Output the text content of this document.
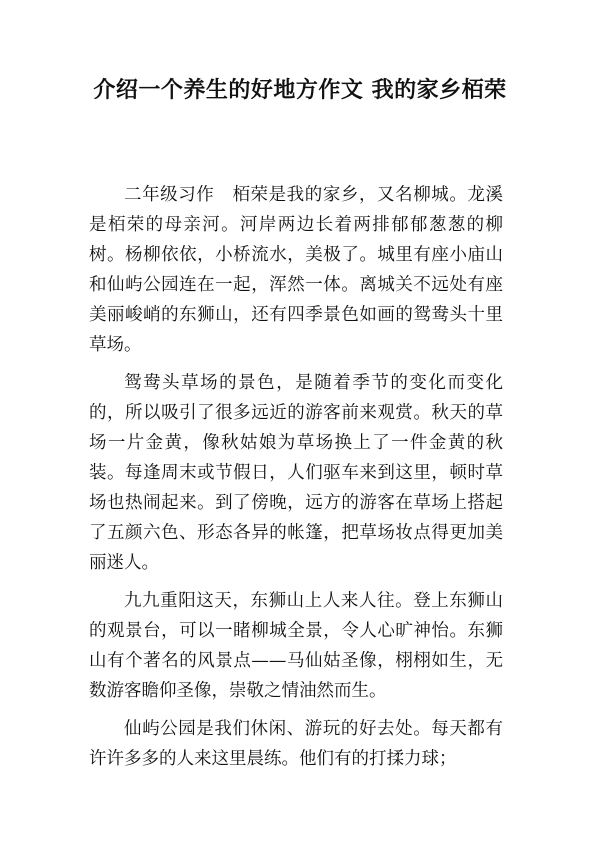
介绍一个养生的好地方作文 我的家乡栢荣

二年级习作　栢荣是我的家乡，又名柳城。龙溪是栢荣的母亲河。河岸两边长着两排郁郁葱葱的柳树。杨柳依依，小桥流水，美极了。城里有座小庙山和仙屿公园连在一起，浑然一体。离城关不远处有座美丽峻峭的东狮山，还有四季景色如画的鸳鸯头十里草场。

鸳鸯头草场的景色，是随着季节的变化而变化的，所以吸引了很多远近的游客前来观赏。秋天的草场一片金黄，像秋姑娘为草场换上了一件金黄的秋装。每逢周末或节假日，人们驱车来到这里，顿时草场也热闹起来。到了傍晚，远方的游客在草场上搭起了五颜六色、形态各异的帐篷，把草场妆点得更加美丽迷人。

九九重阳这天，东狮山上人来人往。登上东狮山的观景台，可以一睹柳城全景，令人心旷神怡。东狮山有个著名的风景点——马仙姑圣像，栩栩如生，无数游客瞻仰圣像，崇敬之情油然而生。

仙屿公园是我们休闲、游玩的好去处。每天都有许许多多的人来这里晨练。他们有的打揉力球；
